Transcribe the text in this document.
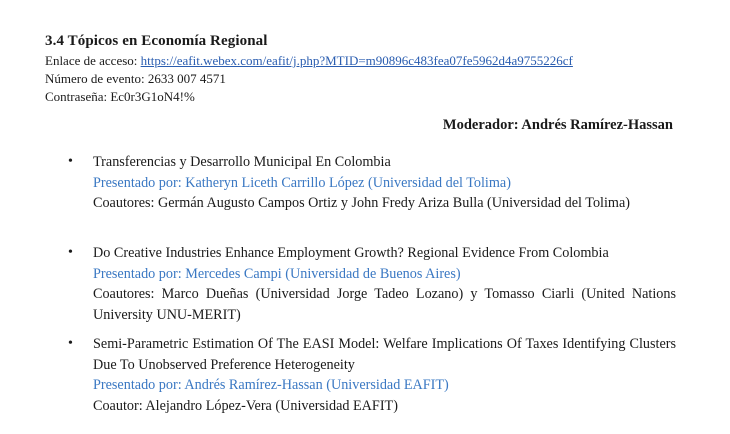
3.4 Tópicos en Economía Regional
Enlace de acceso: https://eafit.webex.com/eafit/j.php?MTID=m90896c483fea07fe5962d4a9755226cf
Número de evento: 2633 007 4571
Contraseña: Ec0r3G1oN4!%
Moderador: Andrés Ramírez-Hassan
• Transferencias y Desarrollo Municipal En Colombia
Presentado por: Katheryn Liceth Carrillo López (Universidad del Tolima)
Coautores: Germán Augusto Campos Ortiz y John Fredy Ariza Bulla (Universidad del Tolima)
• Do Creative Industries Enhance Employment Growth? Regional Evidence From Colombia
Presentado por: Mercedes Campi (Universidad de Buenos Aires)
Coautores: Marco Dueñas (Universidad Jorge Tadeo Lozano) y Tomasso Ciarli (United Nations University UNU-MERIT)
• Semi-Parametric Estimation Of The EASI Model: Welfare Implications Of Taxes Identifying Clusters Due To Unobserved Preference Heterogeneity
Presentado por: Andrés Ramírez-Hassan (Universidad EAFIT)
Coautor: Alejandro López-Vera (Universidad EAFIT)
